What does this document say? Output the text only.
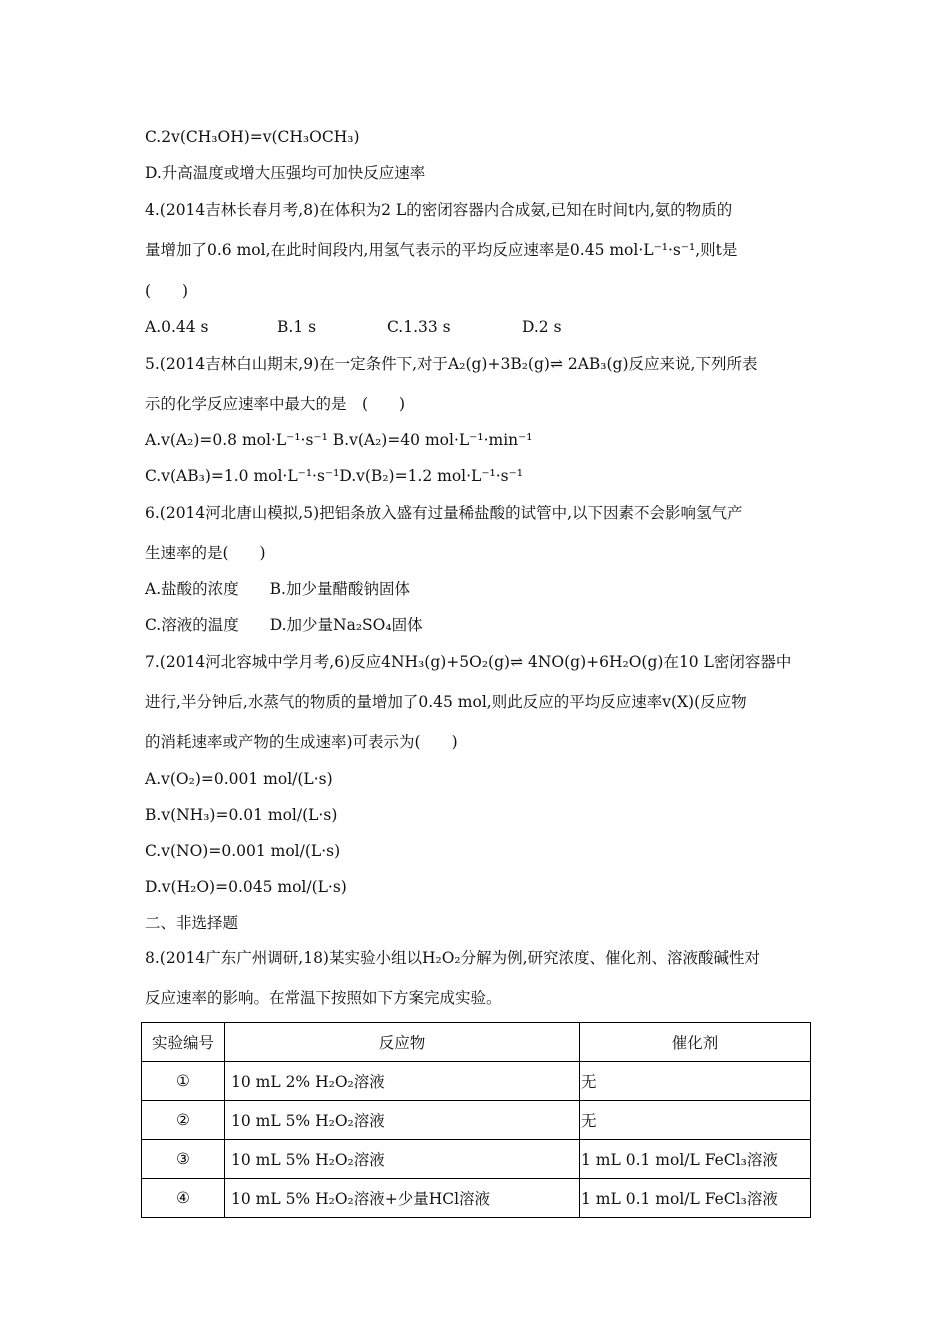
C.2v(CH₃OH)=v(CH₃OCH₃)
D.升高温度或增大压强均可加快反应速率
4.(2014吉林长春月考,8)在体积为2 L的密闭容器内合成氨,已知在时间t内,氨的物质的
量增加了0.6 mol,在此时间段内,用氢气表示的平均反应速率是0.45 mol·L⁻¹·s⁻¹,则t是
(　　)
A.0.44 s	B.1 s	C.1.33 s	D.2 s
5.(2014吉林白山期末,9)在一定条件下,对于A₂(g)+3B₂(g)⇌ 2AB₃(g)反应来说,下列所表
示的化学反应速率中最大的是　(　　)
A.v(A₂)=0.8 mol·L⁻¹·s⁻¹ B.v(A₂)=40 mol·L⁻¹·min⁻¹
C.v(AB₃)=1.0 mol·L⁻¹·s⁻¹D.v(B₂)=1.2 mol·L⁻¹·s⁻¹
6.(2014河北唐山模拟,5)把铝条放入盛有过量稀盐酸的试管中,以下因素不会影响氢气产
生速率的是(　　)
A.盐酸的浓度　　B.加少量醋酸钠固体
C.溶液的温度　　D.加少量Na₂SO₄固体
7.(2014河北容城中学月考,6)反应4NH₃(g)+5O₂(g)⇌ 4NO(g)+6H₂O(g)在10 L密闭容器中
进行,半分钟后,水蒸气的物质的量增加了0.45 mol,则此反应的平均反应速率v(X)(反应物
的消耗速率或产物的生成速率)可表示为(　　)
A.v(O₂)=0.001 mol/(L·s)
B.v(NH₃)=0.01 mol/(L·s)
C.v(NO)=0.001 mol/(L·s)
D.v(H₂O)=0.045 mol/(L·s)
二、非选择题
8.(2014广东广州调研,18)某实验小组以H₂O₂分解为例,研究浓度、催化剂、溶液酸碱性对
反应速率的影响。在常温下按照如下方案完成实验。
实验编号	反应物	催化剂
①	10 mL 2% H₂O₂溶液	无
②	10 mL 5% H₂O₂溶液	无
③	10 mL 5% H₂O₂溶液	1 mL 0.1 mol/L FeCl₃溶液
④	10 mL 5% H₂O₂溶液+少量HCl溶液	1 mL 0.1 mol/L FeCl₃溶液
